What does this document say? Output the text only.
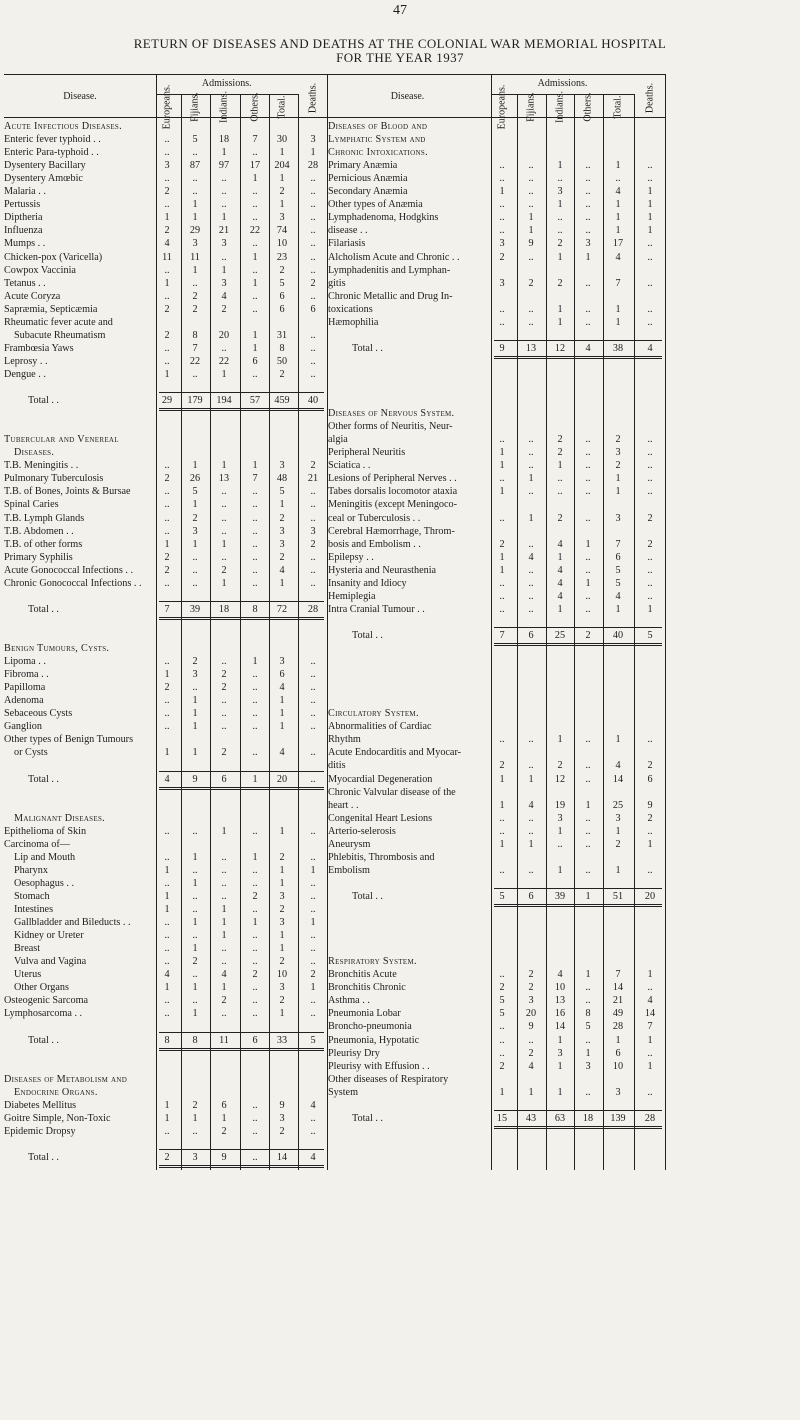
47
RETURN OF DISEASES AND DEATHS AT THE COLONIAL WAR MEMORIAL HOSPITAL
FOR THE YEAR 1937
Disease.
Admissions.
Europeans. Fijians. Indians. Others. Total. Deaths.
Acute Infectious Diseases.
Enteric fever typhoid . .	.. 5 18 7 30 3
Enteric Para-typhoid . .	.. .. 1	.. 1	1
Dysentery Bacillary	3 87 97 17 204 28
Dysentery Amœbic	.. .. ..	1 1	..
Malaria . .	2 .. ..	.. 2	..
Pertussis	.. 1 ..	.. 1	..
Diptheria	1 1 1	.. 3	..
Influenza	2 29 21 22 74 ..
Mumps . .	4 3 3	.. 10 ..
Chicken-pox (Varicella)	11 11 ..	1 23 ..
Cowpox Vaccinia	.. 1 1	.. 2	..
Tetanus . .	1 .. 3	1 5	2
Acute Coryza	.. 2 4	.. 6	..
Sapræmia, Septicæmia	2 2 2	.. 6	6
Rheumatic fever acute and
Subacute Rheumatism	2 8 20 1 31 ..
Frambœsia Yaws	.. 7 ..	1 8	..
Leprosy . .	.. 22 22 6 50 ..
Dengue . .	1 .. 1	.. 2	..
Total . .	29 179 194 57 459 40
Tubercular and Venereal
Diseases.
T.B. Meningitis . .	.. 1 1	1 3	2
Pulmonary Tuberculosis	2 26 13 7 48 21
T.B. of Bones, Joints & Bursae	.. 5 ..	.. 5	..
Spinal Caries	.. 1 ..	.. 1	..
T.B. Lymph Glands	.. 2 ..	.. 2	..
T.B. Abdomen . .	.. 3 ..	.. 3	3
T.B. of other forms	1 1 1	.. 3	2
Primary Syphilis	2 .. ..	.. 2	..
Acute Gonococcal Infections . .	2 .. 2	.. 4	..
Chronic Gonococcal Infections . . .. .. 1	.. 1	..
Total . .	7 39 18 8 72 28
Benign Tumours, Cysts.
Lipoma . .	.. 2 ..	1 3	..
Fibroma . .	1 3 2	.. 6	..
Papilloma	2 .. 2	.. 4	..
Adenoma	.. 1 ..	.. 1	..
Sebaceous Cysts	.. 1 ..	.. 1	..
Ganglion	.. 1 ..	.. 1	..
Other types of Benign Tumours
or Cysts	1 1 2	.. 4	..
Total . .	4 9 6	1 20 ..
Malignant Diseases.
Epithelioma of Skin	.. .. 1	.. 1	..
Carcinoma of—
Lip and Mouth	.. 1 ..	1 2	..
Pharynx	1 .. ..	.. 1	1
Oesophagus . .	.. 1 ..	.. 1	..
Stomach	1 .. ..	2 3	..
Intestines	1 .. 1	.. 2	..
Gallbladder and Bileducts . .	.. 1 1	1 3	1
Kidney or Ureter	.. .. 1	.. 1	..
Breast	.. 1 ..	.. 1	..
Vulva and Vagina	.. 2 ..	.. 2	..
Uterus	4 .. 4	2 10 2
Other Organs	1 1 1	.. 3	1
Osteogenic Sarcoma	.. .. 2	.. 2	..
Lymphosarcoma . .	.. 1 ..	.. 1	..
Total . .	8 8 11 6 33 5
Diseases of Metabolism and
Endocrine Organs.
Diabetes Mellitus	1 2 6	.. 9	4
Goitre Simple, Non-Toxic	1 1 1	.. 3	..
Epidemic Dropsy	.. .. 2	.. 2	..
Total . .	2 3 9	.. 14 4
Disease.
Admissions.
Europeans. Fijians. Indians. Others. Total. Deaths.
Diseases of Blood and
Lymphatic System and
Chronic Intoxications.
Primary Anæmia	.. .. 1 .. 1	..
Pernicious Anæmia	.. .. .. .. ..	..
Secondary Anæmia	1 .. 3 .. 4	1
Other types of Anæmia	.. .. 1 .. 1	1
Lymphadenoma, Hodgkins	.. 1 .. .. 1	1
disease . .	.. 1 .. .. 1	1
Filariasis	3 9 2 3 17 ..
Alcholism Acute and Chronic . .	2 .. 1 1 4	..
Lymphadenitis and Lymphan-
gitis	3 2 2 .. 7	..
Chronic Metallic and Drug In-
toxications	.. .. 1 .. 1	..
Hæmophilia	.. .. 1 .. 1	..
Total . .	9 13 12 4 38 4
Diseases of Nervous System.
Other forms of Neuritis, Neur-
algia	.. .. 2 .. 2	..
Peripheral Neuritis	1 .. 2 .. 3	..
Sciatica . .	1 .. 1 .. 2	..
Lesions of Peripheral Nerves . .	.. 1 .. .. 1	..
Tabes dorsalis locomotor ataxia	1 .. .. .. 1	..
Meningitis (except Meningoco-
ceal or Tuberculosis . .	.. 1 2 .. 3	2
Cerebral Hæmorrhage, Throm-
bosis and Embolism . .	2 .. 4 1 7	2
Epilepsy . .	1 4 1 .. 6	..
Hysteria and Neurasthenia	1 .. 4 .. 5	..
Insanity and Idiocy	.. .. 4 1 5	..
Hemiplegia	.. .. 4 .. 4	..
Intra Cranial Tumour . .	.. .. 1 .. 1	1
Total . .	7 6 25 2 40 5
Circulatory System.
Abnormalities of Cardiac
Rhythm	.. .. 1 .. 1	..
Acute Endocarditis and Myocar-
ditis	2 .. 2 .. 4	2
Myocardial Degeneration	1 1 12 .. 14 6
Chronic Valvular disease of the
heart . .	1 4 19 1 25 9
Congenital Heart Lesions	.. .. 3 .. 3	2
Arterio-selerosis	.. .. 1 .. 1	..
Aneurysm	1 1 .. .. 2	1
Phlebitis, Thrombosis and
Embolism	.. .. 1 .. 1	..
Total . .	5 6 39 1 51 20
Respiratory System.
Bronchitis Acute	.. 2 4 1 7	1
Bronchitis Chronic	2 2 10 .. 14 ..
Asthma . .	5 3 13 .. 21 4
Pneumonia Lobar	5 20 16 8 49 14
Broncho-pneumonia	.. 9 14 5 28 7
Pneumonia, Hypotatic	.. .. 1 .. 1	1
Pleurisy Dry	.. 2 3 1 6	..
Pleurisy with Effusion . .	2 4 1 3 10 1
Other diseases of Respiratory
System	1 1 1 .. 3	..
Total . .	15 43 63 18 139 28
